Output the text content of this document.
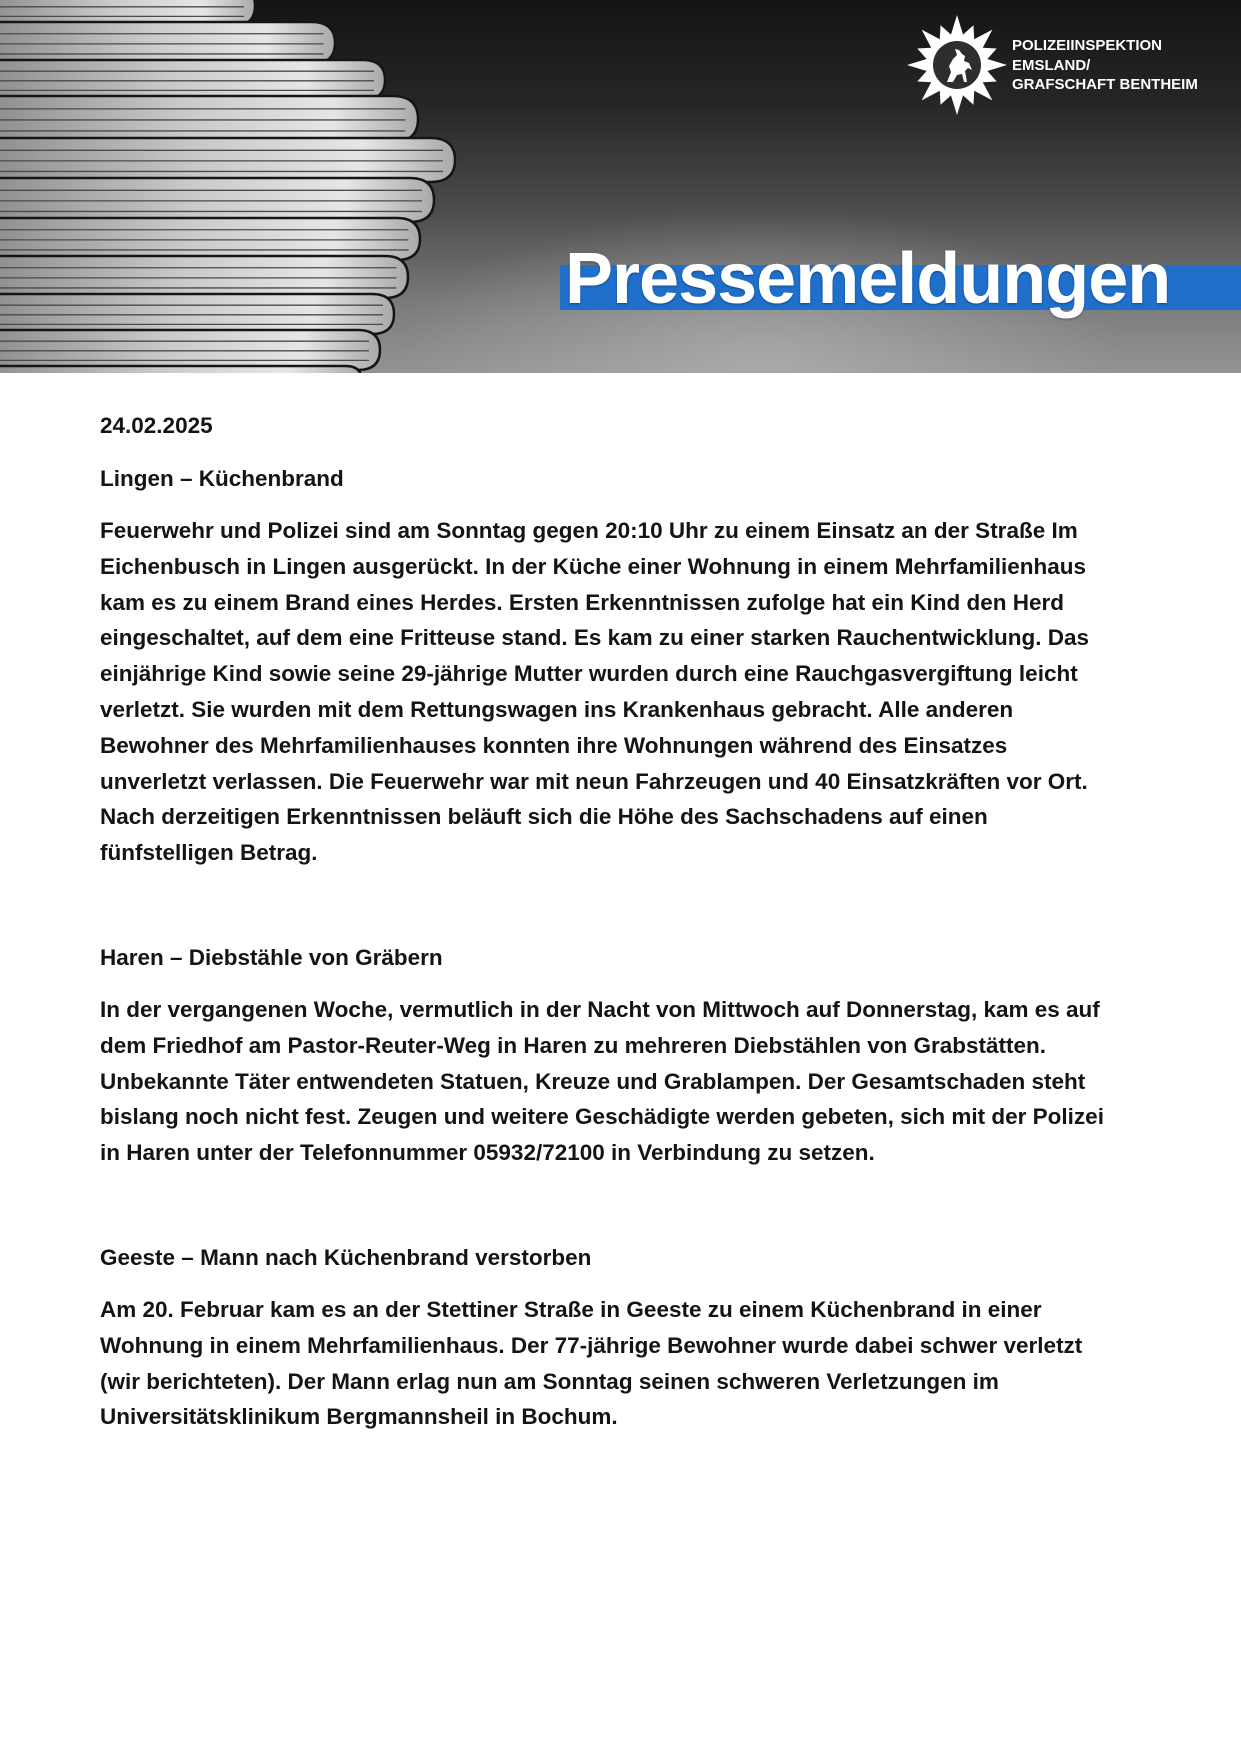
Pressemeldungen
POLIZEIINSPEKTION
EMSLAND/
GRAFSCHAFT BENTHEIM
24.02.2025
Lingen – Küchenbrand
Feuerwehr und Polizei sind am Sonntag gegen 20:10 Uhr zu einem Einsatz an der Straße Im
Eichenbusch in Lingen ausgerückt. In der Küche einer Wohnung in einem Mehrfamilienhaus
kam es zu einem Brand eines Herdes. Ersten Erkenntnissen zufolge hat ein Kind den Herd
eingeschaltet, auf dem eine Fritteuse stand. Es kam zu einer starken Rauchentwicklung. Das
einjährige Kind sowie seine 29-jährige Mutter wurden durch eine Rauchgasvergiftung leicht
verletzt. Sie wurden mit dem Rettungswagen ins Krankenhaus gebracht. Alle anderen
Bewohner des Mehrfamilienhauses konnten ihre Wohnungen während des Einsatzes
unverletzt verlassen. Die Feuerwehr war mit neun Fahrzeugen und 40 Einsatzkräften vor Ort.
Nach derzeitigen Erkenntnissen beläuft sich die Höhe des Sachschadens auf einen
fünfstelligen Betrag.
Haren – Diebstähle von Gräbern
In der vergangenen Woche, vermutlich in der Nacht von Mittwoch auf Donnerstag, kam es auf
dem Friedhof am Pastor-Reuter-Weg in Haren zu mehreren Diebstählen von Grabstätten.
Unbekannte Täter entwendeten Statuen, Kreuze und Grablampen. Der Gesamtschaden steht
bislang noch nicht fest. Zeugen und weitere Geschädigte werden gebeten, sich mit der Polizei
in Haren unter der Telefonnummer 05932/72100 in Verbindung zu setzen.
Geeste – Mann nach Küchenbrand verstorben
Am 20. Februar kam es an der Stettiner Straße in Geeste zu einem Küchenbrand in einer
Wohnung in einem Mehrfamilienhaus. Der 77-jährige Bewohner wurde dabei schwer verletzt
(wir berichteten). Der Mann erlag nun am Sonntag seinen schweren Verletzungen im
Universitätsklinikum Bergmannsheil in Bochum.
